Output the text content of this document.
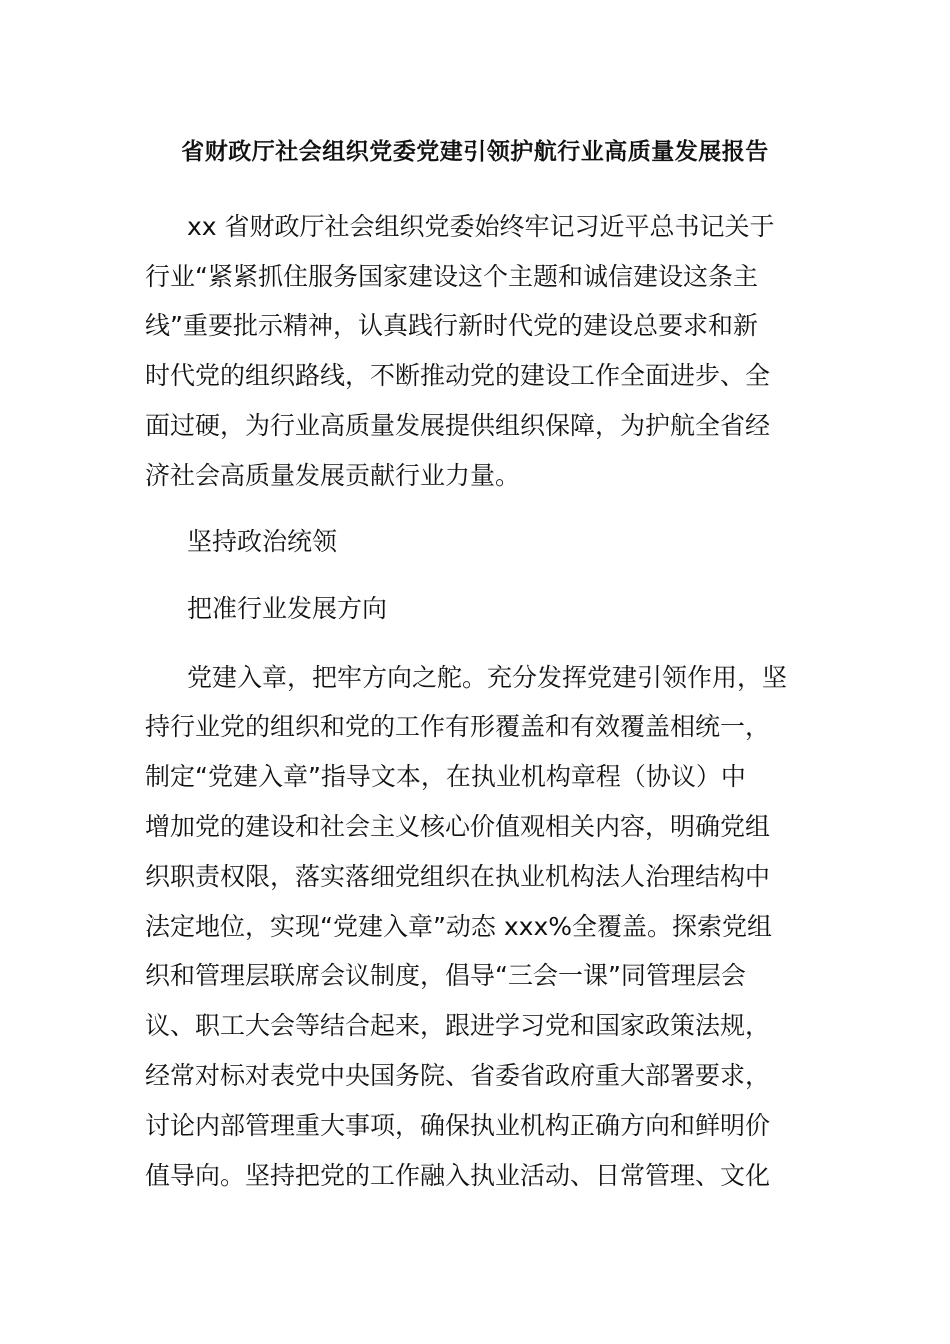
省财政厅社会组织党委党建引领护航行业高质量发展报告

xx 省财政厅社会组织党委始终牢记习近平总书记关于

行业“紧紧抓住服务国家建设这个主题和诚信建设这条主

线”重要批示精神，认真践行新时代党的建设总要求和新

时代党的组织路线，不断推动党的建设工作全面进步、全

面过硬，为行业高质量发展提供组织保障，为护航全省经

济社会高质量发展贡献行业力量。

坚持政治统领

把准行业发展方向

党建入章，把牢方向之舵。充分发挥党建引领作用，坚

持行业党的组织和党的工作有形覆盖和有效覆盖相统一，

制定“党建入章”指导文本，在执业机构章程（协议）中

增加党的建设和社会主义核心价值观相关内容，明确党组

织职责权限，落实落细党组织在执业机构法人治理结构中

法定地位，实现“党建入章”动态 xxx%全覆盖。探索党组

织和管理层联席会议制度，倡导“三会一课”同管理层会

议、职工大会等结合起来，跟进学习党和国家政策法规，

经常对标对表党中央国务院、省委省政府重大部署要求，

讨论内部管理重大事项，确保执业机构正确方向和鲜明价

值导向。坚持把党的工作融入执业活动、日常管理、文化
